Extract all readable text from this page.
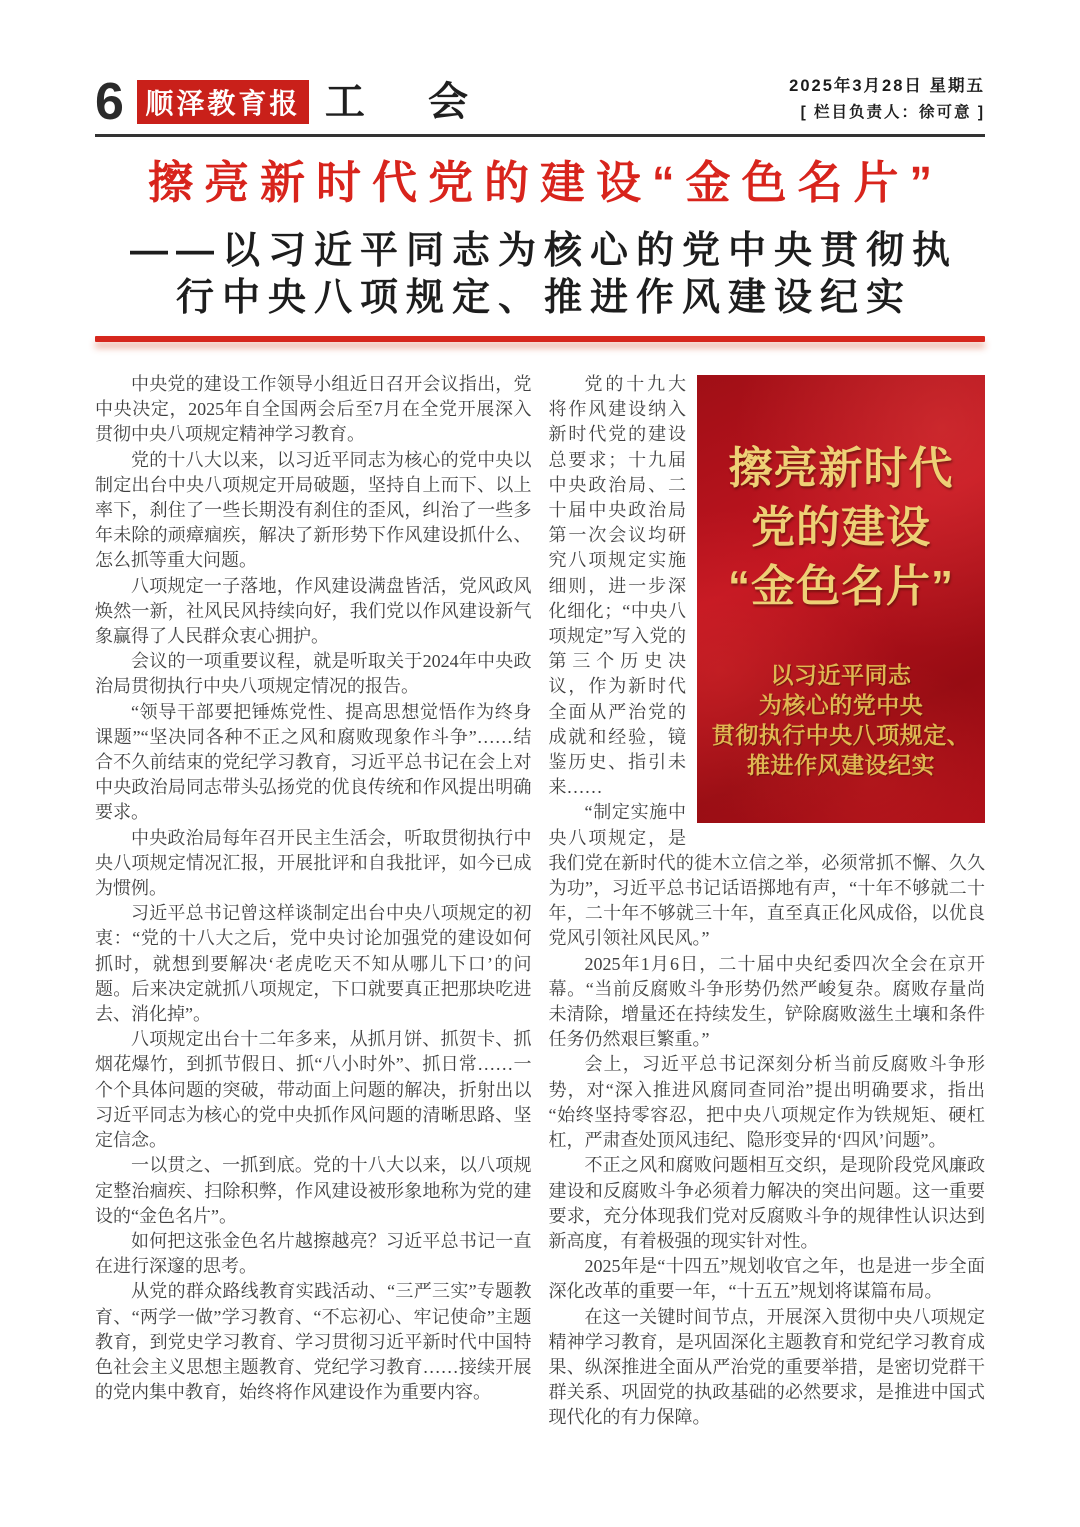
6 顺泽教育报 工 会	2025年3月28日 星期五
[ 栏目负责人：徐可意 ]
擦亮新时代党的建设“金色名片”
——以习近平同志为核心的党中央贯彻执
行中央八项规定、推进作风建设纪实

中央党的建设工作领导小组近日召开会议指出，党中央决定，2025年自全国两会后至7月在全党开展深入贯彻中央八项规定精神学习教育。

党的十八大以来，以习近平同志为核心的党中央以制定出台中央八项规定开局破题，坚持自上而下、以上率下，刹住了一些长期没有刹住的歪风，纠治了一些多年未除的顽瘴痼疾，解决了新形势下作风建设抓什么、怎么抓等重大问题。

八项规定一子落地，作风建设满盘皆活，党风政风焕然一新，社风民风持续向好，我们党以作风建设新气象赢得了人民群众衷心拥护。

会议的一项重要议程，就是听取关于2024年中央政治局贯彻执行中央八项规定情况的报告。

“领导干部要把锤炼党性、提高思想觉悟作为终身课题”“坚决同各种不正之风和腐败现象作斗争”……结合不久前结束的党纪学习教育，习近平总书记在会上对中央政治局同志带头弘扬党的优良传统和作风提出明确要求。

中央政治局每年召开民主生活会，听取贯彻执行中央八项规定情况汇报，开展批评和自我批评，如今已成为惯例。

习近平总书记曾这样谈制定出台中央八项规定的初衷：“党的十八大之后，党中央讨论加强党的建设如何抓时，就想到要解决‘老虎吃天不知从哪儿下口’的问题。后来决定就抓八项规定，下口就要真正把那块吃进去、消化掉”。

八项规定出台十二年多来，从抓月饼、抓贺卡、抓烟花爆竹，到抓节假日、抓“八小时外”、抓日常……一个个具体问题的突破，带动面上问题的解决，折射出以习近平同志为核心的党中央抓作风问题的清晰思路、坚定信念。

一以贯之、一抓到底。党的十八大以来，以八项规定整治痼疾、扫除积弊，作风建设被形象地称为党的建设的“金色名片”。

如何把这张金色名片越擦越亮？习近平总书记一直在进行深邃的思考。

从党的群众路线教育实践活动、“三严三实”专题教育、“两学一做”学习教育、“不忘初心、牢记使命”主题教育，到党史学习教育、学习贯彻习近平新时代中国特色社会主义思想主题教育、党纪学习教育……接续开展的党内集中教育，始终将作风建设作为重要内容。

擦亮新时代
党的建设
“金色名片”
以习近平同志
为核心的党中央
贯彻执行中央八项规定、
推进作风建设纪实

党的十九大将作风建设纳入新时代党的建设总要求；十九届中央政治局、二十届中央政治局第一次会议均研究八项规定实施细则，进一步深化细化；“中央八项规定”写入党的第三个历史决议，作为新时代全面从严治党的成就和经验，镜鉴历史、指引未来……

“制定实施中央八项规定，是我们党在新时代的徙木立信之举，必须常抓不懈、久久为功”，习近平总书记话语掷地有声，“十年不够就二十年，二十年不够就三十年，直至真正化风成俗，以优良党风引领社风民风。”

2025年1月6日，二十届中央纪委四次全会在京开幕。“当前反腐败斗争形势仍然严峻复杂。腐败存量尚未清除，增量还在持续发生，铲除腐败滋生土壤和条件任务仍然艰巨繁重。”

会上，习近平总书记深刻分析当前反腐败斗争形势，对“深入推进风腐同查同治”提出明确要求，指出“始终坚持零容忍，把中央八项规定作为铁规矩、硬杠杠，严肃查处顶风违纪、隐形变异的‘四风’问题”。

不正之风和腐败问题相互交织，是现阶段党风廉政建设和反腐败斗争必须着力解决的突出问题。这一重要要求，充分体现我们党对反腐败斗争的规律性认识达到新高度，有着极强的现实针对性。

2025年是“十四五”规划收官之年，也是进一步全面深化改革的重要一年，“十五五”规划将谋篇布局。

在这一关键时间节点，开展深入贯彻中央八项规定精神学习教育，是巩固深化主题教育和党纪学习教育成果、纵深推进全面从严治党的重要举措，是密切党群干群关系、巩固党的执政基础的必然要求，是推进中国式现代化的有力保障。
